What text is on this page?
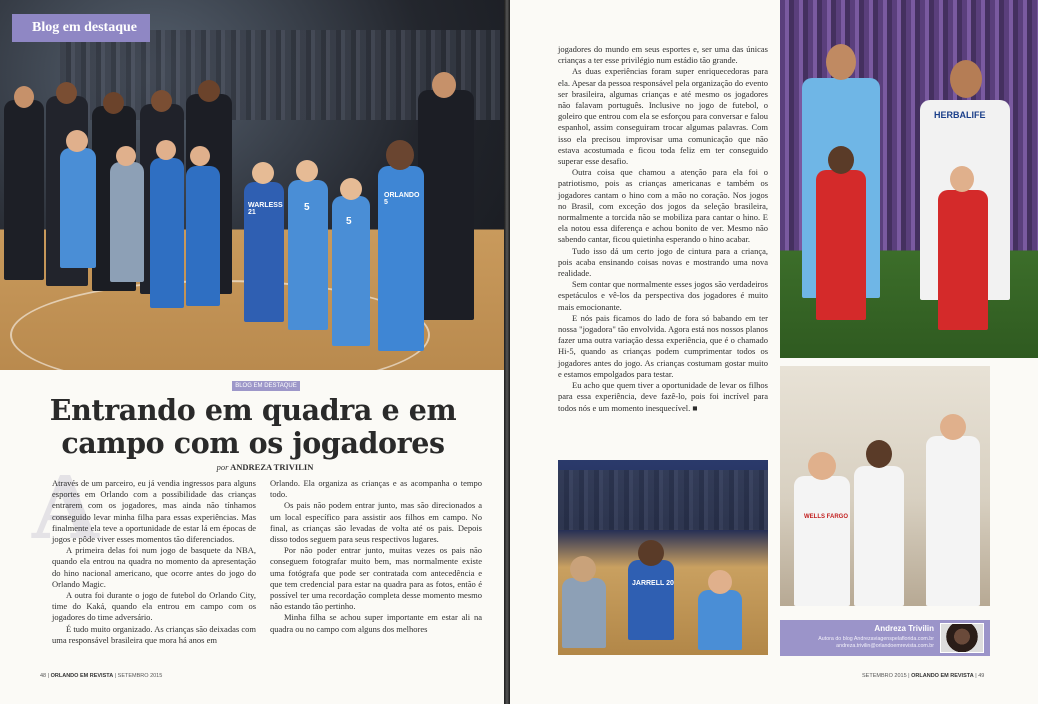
WARLESS 21	5
5
ORLANDO 5
Blog em destaque
BLOG EM DESTAQUE
Entrando em quadra e em
campo com os jogadores
por ANDREZA TRIVILIN
A

Através de um parceiro, eu já vendia ingressos para alguns esportes em Orlando com a possibilidade das crianças entrarem com os jogadores, mas ainda não tínhamos conseguido levar minha filha para essas experiências. Mas finalmente ela teve a oportunidade de estar lá em épocas de jogos e pôde viver esses momentos tão diferenciados.

A primeira delas foi num jogo de basquete da NBA, quando ela entrou na quadra no momento da apresentação do hino nacional americano, que ocorre antes do jogo do Orlando Magic.

A outra foi durante o jogo de futebol do Orlando City, time do Kaká, quando ela entrou em campo com os jogadores do time adversário.

É tudo muito organizado. As crianças são deixadas com uma responsável brasileira que mora há anos em

Orlando. Ela organiza as crianças e as acompanha o tempo todo.

Os pais não podem entrar junto, mas são direcionados a um local específico para assistir aos filhos em campo. No final, as crianças são levadas de volta até os pais. Depois disso todos seguem para seus respectivos lugares.

Por não poder entrar junto, muitas vezes os pais não conseguem fotografar muito bem, mas normalmente existe uma fotógrafa que pode ser contratada com antecedência e que tem credencial para estar na quadra para as fotos, então é possível ter uma recordação completa desse momento mesmo não estando tão pertinho.

Minha filha se achou super importante em estar ali na quadra ou no campo com alguns dos melhores

48 | ORLANDO EM REVISTA | SETEMBRO 2015

jogadores do mundo em seus esportes e, ser uma das únicas crianças a ter esse privilégio num estádio tão grande.

As duas experiências foram super enriquecedoras para ela. Apesar da pessoa responsável pela organização do evento ser brasileira, algumas crianças e até mesmo os jogadores não falavam português. Inclusive no jogo de futebol, o goleiro que entrou com ela se esforçou para conversar e falou espanhol, assim conseguiram trocar algumas palavras. Com isso ela precisou improvisar uma comunicação que não estava acostumada e ficou toda feliz em ter conseguido superar esse desafio.

Outra coisa que chamou a atenção para ela foi o patriotismo, pois as crianças americanas e também os jogadores cantam o hino com a mão no coração. Nos jogos no Brasil, com exceção dos jogos da seleção brasileira, normalmente a torcida não se mobiliza para cantar o hino. E ela notou essa diferença e achou bonito de ver. Mesmo não sabendo cantar, ficou quietinha esperando o hino acabar.

Tudo isso dá um certo jogo de cintura para a criança, pois acaba ensinando coisas novas e mostrando uma nova realidade.

Sem contar que normalmente esses jogos são verdadeiros espetáculos e vê-los da perspectiva dos jogadores é muito mais emocionante.

E nós pais ficamos do lado de fora só babando em ter nossa "jogadora" tão envolvida. Agora está nos nossos planos fazer uma outra variação dessa experiência, que é o chamado Hi-5, quando as crianças podem cumprimentar todos os jogadores antes do jogo. As crianças costumam gostar muito e estamos empolgados para testar.

Eu acho que quem tiver a oportunidade de levar os filhos para essa experiência, deve fazê-lo, pois foi incrível para todos nós e um momento inesquecível. ■

HERBALIFE
WELLS FARGO
JARRELL 20
Andreza Trivilin
Autora do blog Andrezaviagenspelaflorida.com.br
andreza.trivilin@orlandoemrevista.com.br
SETEMBRO 2015 | ORLANDO EM REVISTA | 49
